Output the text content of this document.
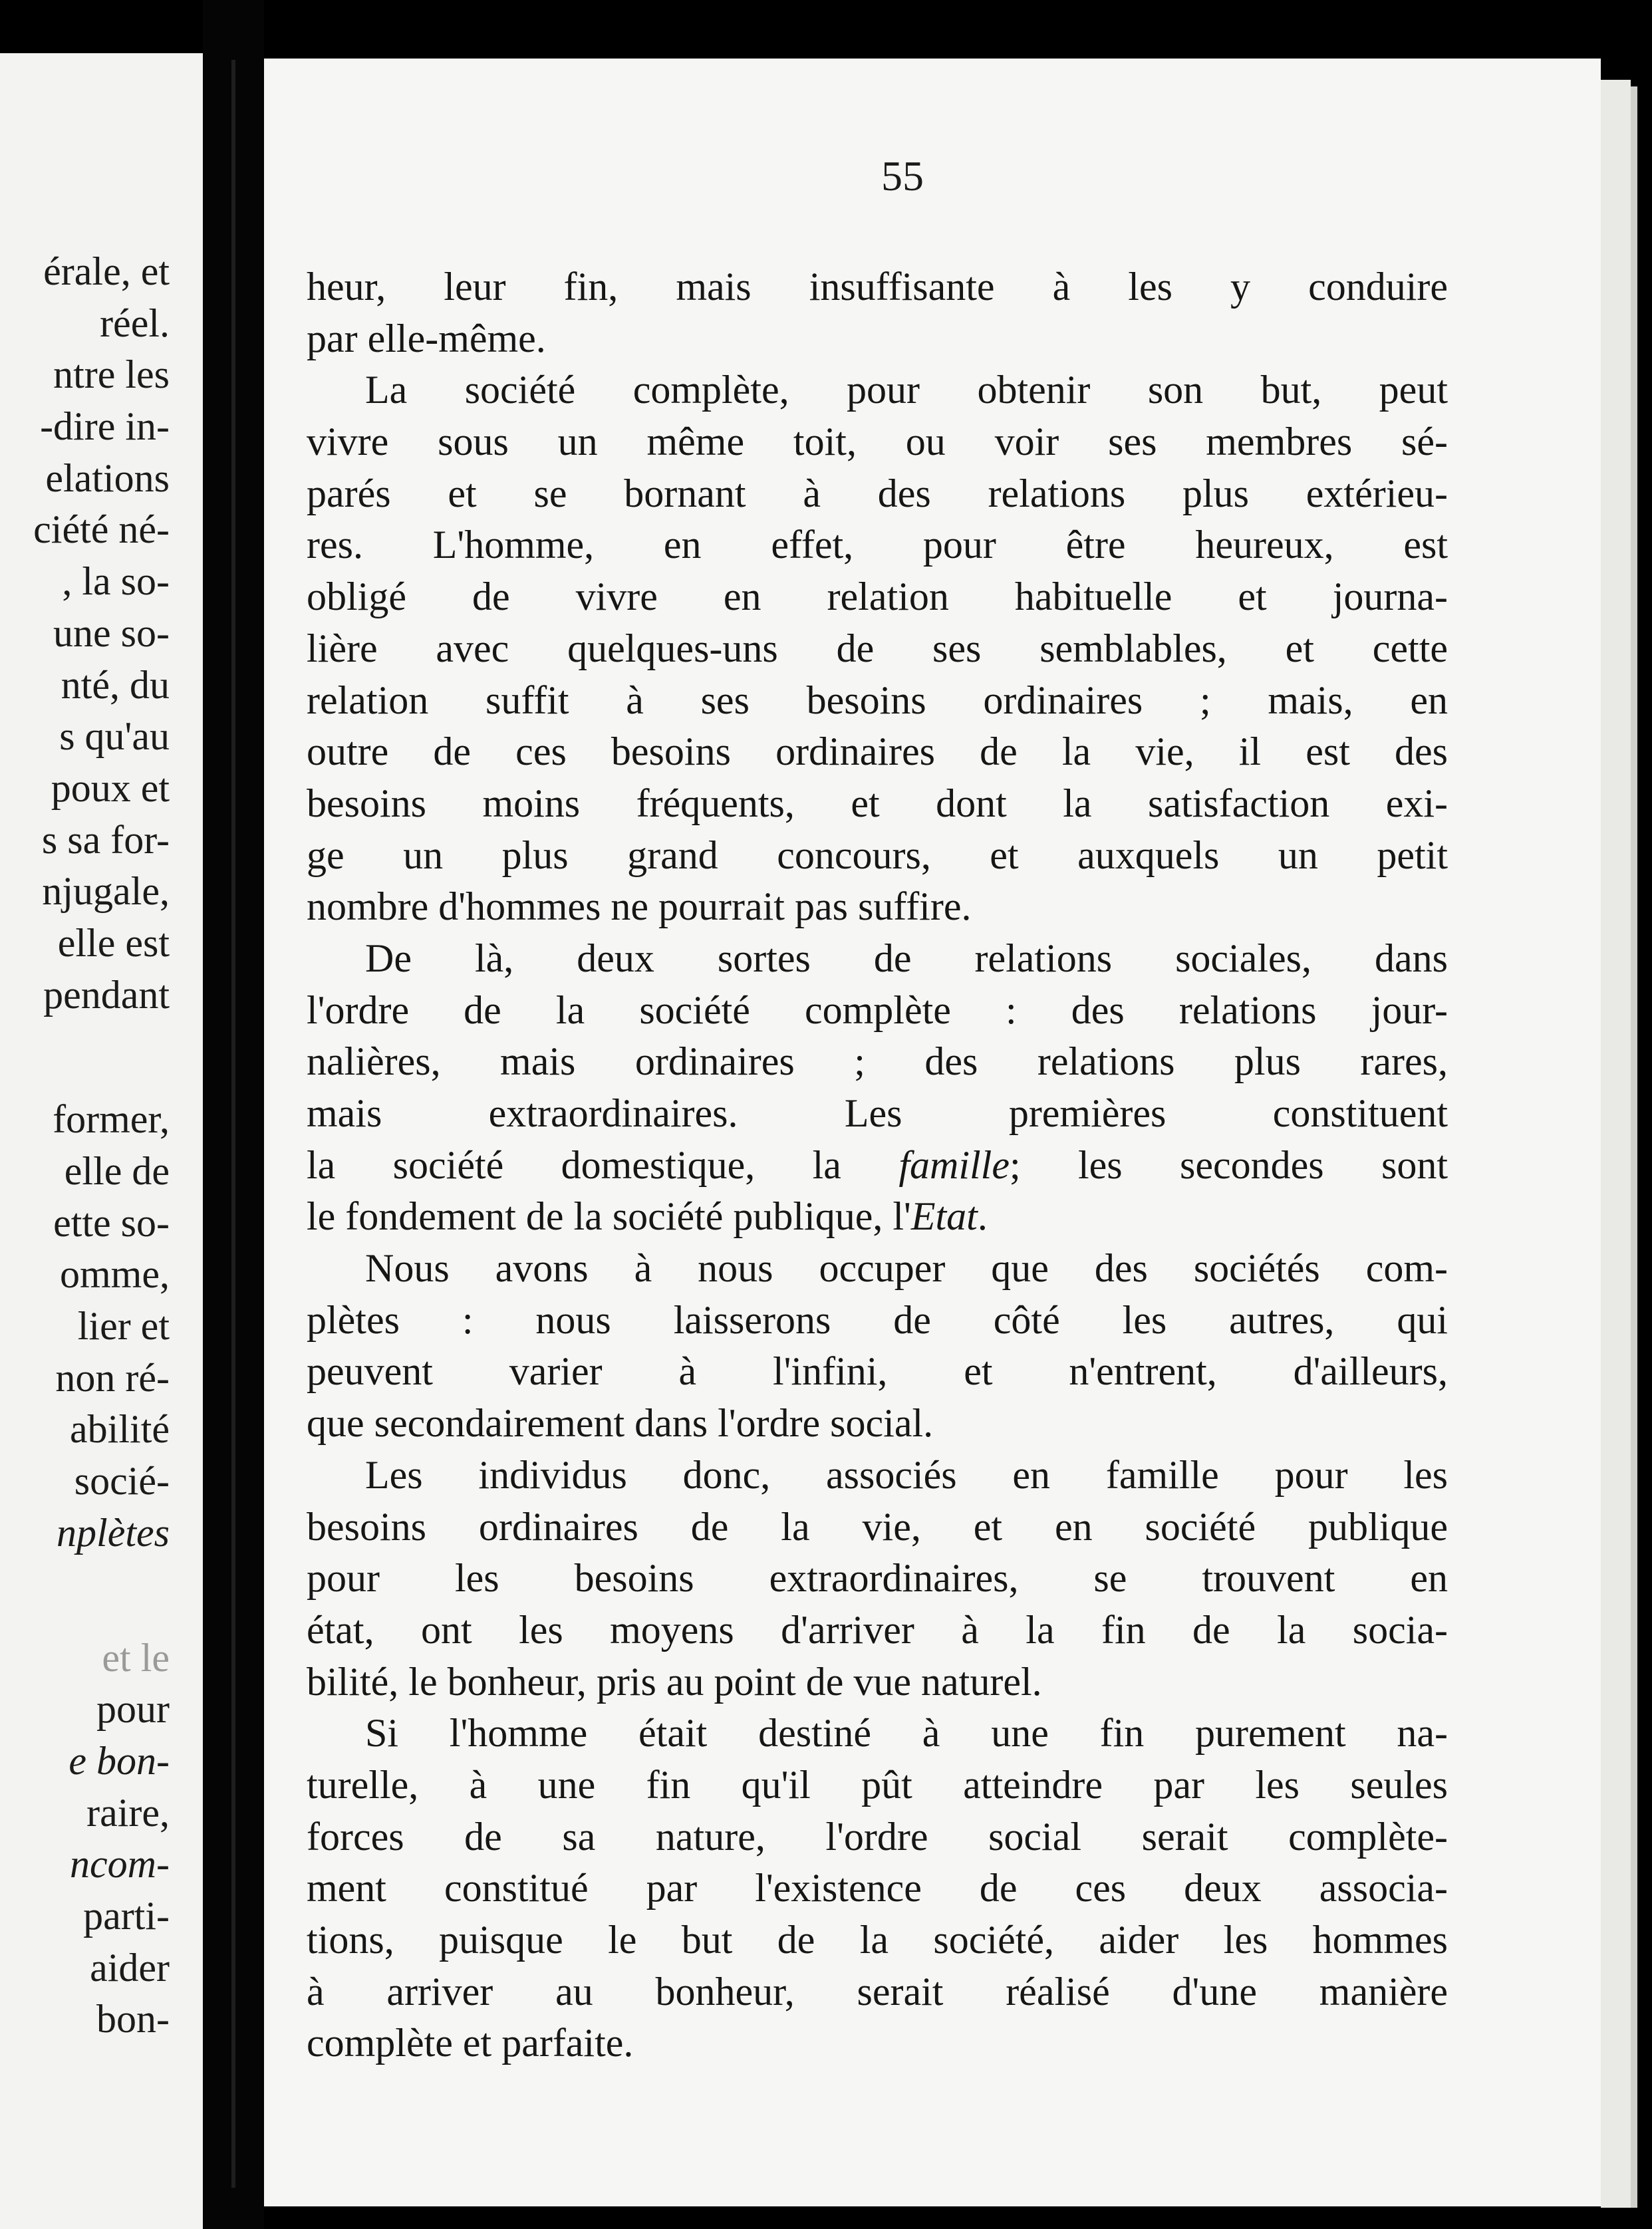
érale, et
réel.
ntre les
-dire in-
elations
ciété né-
, la so-
une so-
nté, du
s qu'au
poux et
s sa for-
njugale,
elle est
pendant
former,
elle de
ette so-
omme,
lier et
non ré-
abilité
socié-
nplètes
et le
pour
e bon-
raire,
ncom-
parti-
aider
bon-
55
heur, leur fin, mais insuffisante à les y conduire
par elle-même.
La société complète, pour obtenir son but, peut
vivre sous un même toit, ou voir ses membres sé-
parés et se bornant à des relations plus extérieu-
res. L'homme, en effet, pour être heureux, est
obligé de vivre en relation habituelle et journa-
lière avec quelques-uns de ses semblables, et cette
relation suffit à ses besoins ordinaires ; mais, en
outre de ces besoins ordinaires de la vie, il est des
besoins moins fréquents, et dont la satisfaction exi-
ge un plus grand concours, et auxquels un petit
nombre d'hommes ne pourrait pas suffire.
De là, deux sortes de relations sociales, dans
l'ordre de la société complète : des relations jour-
nalières, mais ordinaires ; des relations plus rares,
mais extraordinaires. Les premières constituent
la société domestique, la famille; les secondes sont
le fondement de la société publique, l'Etat.
Nous avons à nous occuper que des sociétés com-
plètes : nous laisserons de côté les autres, qui
peuvent varier à l'infini, et n'entrent, d'ailleurs,
que secondairement dans l'ordre social.
Les individus donc, associés en famille pour les
besoins ordinaires de la vie, et en société publique
pour les besoins extraordinaires, se trouvent en
état, ont les moyens d'arriver à la fin de la socia-
bilité, le bonheur, pris au point de vue naturel.
Si l'homme était destiné à une fin purement na-
turelle, à une fin qu'il pût atteindre par les seules
forces de sa nature, l'ordre social serait complète-
ment constitué par l'existence de ces deux associa-
tions, puisque le but de la société, aider les hommes
à arriver au bonheur, serait réalisé d'une manière
complète et parfaite.
